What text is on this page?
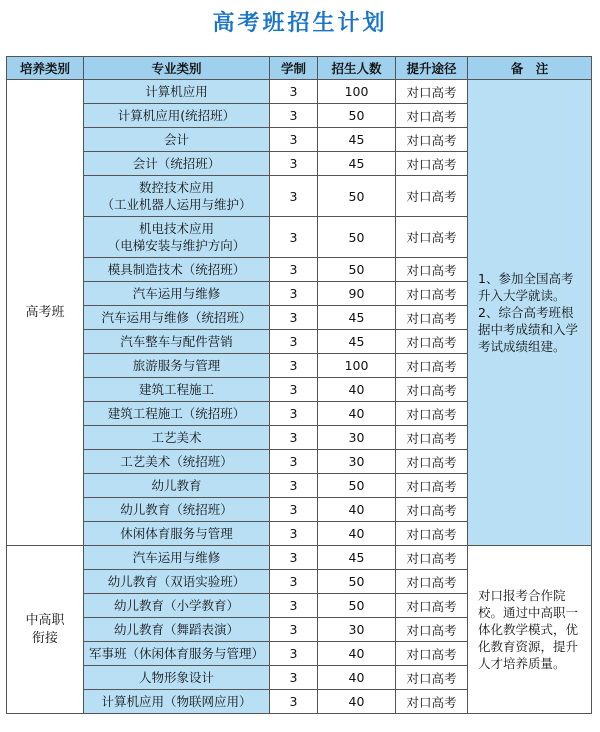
高考班招生计划
培养类别	专业类别	学制	招生人数	提升途径	备　注
高考班	计算机应用	3	100	对口高考	1、参加全国高考升入大学就读。
2、综合高考班根据中考成绩和入学考试成绩组建。

	计算机应用(统招班）	3	50	对口高考	

	会计	3	45	对口高考	

	会计（统招班）	3	45	对口高考	

	数控技术应用
（工业机器人运用与维护）	3	50	对口高考	

	机电技术应用
（电梯安装与维护方向）	3	50	对口高考	

	模具制造技术（统招班）	3	50	对口高考	

	汽车运用与维修	3	90	对口高考	

	汽车运用与维修（统招班）	3	45	对口高考	

	汽车整车与配件营销	3	45	对口高考	

	旅游服务与管理	3	100	对口高考	

	建筑工程施工	3	40	对口高考	

	建筑工程施工（统招班）	3	40	对口高考	

	工艺美术	3	30	对口高考	

	工艺美术（统招班）	3	30	对口高考	

	幼儿教育	3	50	对口高考	

	幼儿教育（统招班）	3	40	对口高考	

	休闲体育服务与管理	3	40	对口高考	

中高职
衔接	汽车运用与维修	3	45	对口高考	对口报考合作院校。通过中高职一体化教学模式，优化教育资源，提升人才培养质量。

	幼儿教育（双语实验班）	3	50	对口高考	

	幼儿教育（小学教育）	3	50	对口高考	

	幼儿教育（舞蹈表演）	3	30	对口高考	

	军事班（休闲体育服务与管理）	3	40	对口高考	

	人物形象设计	3	40	对口高考	

	计算机应用（物联网应用）	3	40	对口高考	
